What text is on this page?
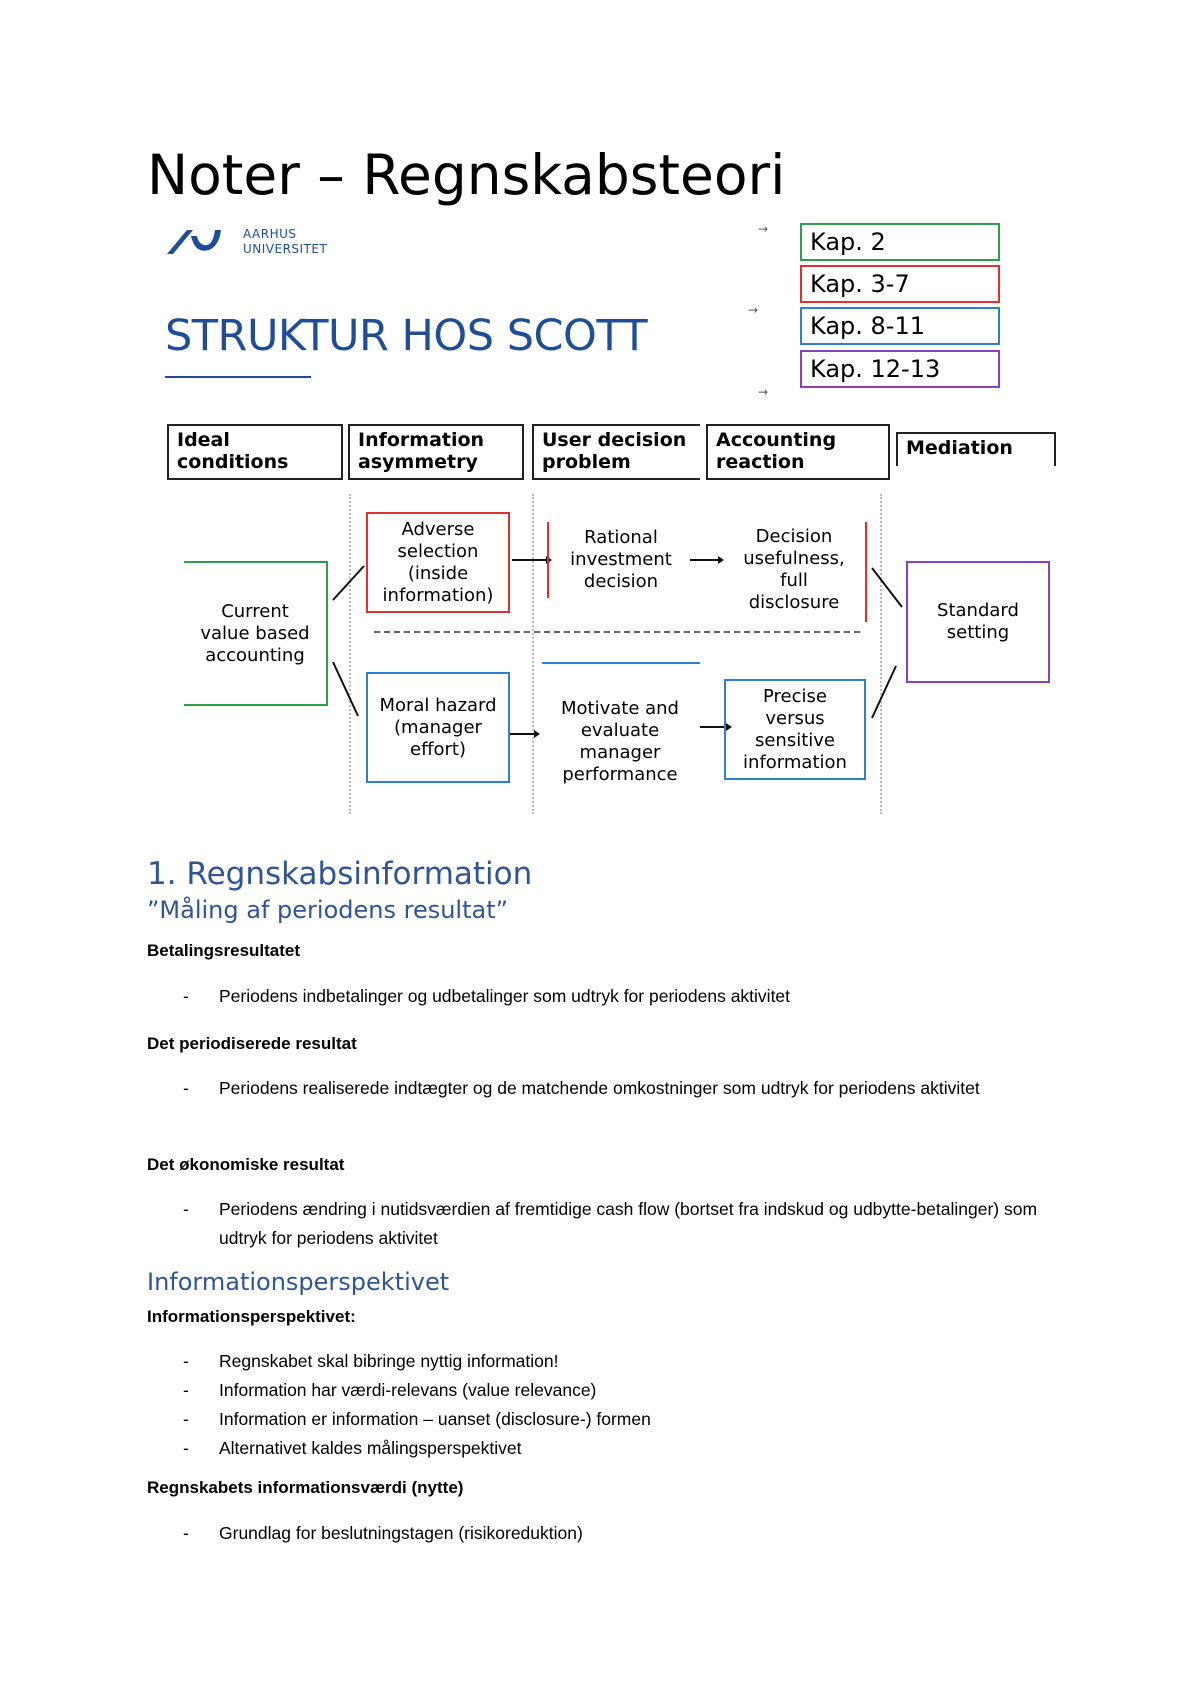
Noter – Regnskabsteori
AARHUS
UNIVERSITET
STRUKTUR HOS SCOTT
→
→
→
Kap. 2
Kap. 3-7
Kap. 8-11
Kap. 12-13
Ideal
conditions
Information
asymmetry
User decision
problem
Accounting
reaction
Mediation
Current
value based
accounting
Adverse
selection
(inside
information)
Rational
investment
decision
Decision
usefulness,
full
disclosure
Moral hazard
(manager
effort)
Motivate and
evaluate
manager
performance
Precise
versus
sensitive
information
Standard
setting
1. Regnskabsinformation
”Måling af periodens resultat”
Betalingsresultatet
- Periodens indbetalinger og udbetalinger som udtryk for periodens aktivitet
Det periodiserede resultat
- Periodens realiserede indtægter og de matchende omkostninger som udtryk for periodens aktivitet
Det økonomiske resultat
- Periodens ændring i nutidsværdien af fremtidige cash flow (bortset fra indskud og udbytte-betalinger) som udtryk for periodens aktivitet
Informationsperspektivet
Informationsperspektivet:
- Regnskabet skal bibringe nyttig information!
- Information har værdi-relevans (value relevance)
- Information er information – uanset (disclosure-) formen
- Alternativet kaldes målingsperspektivet
Regnskabets informationsværdi (nytte)
- Grundlag for beslutningstagen (risikoreduktion)
